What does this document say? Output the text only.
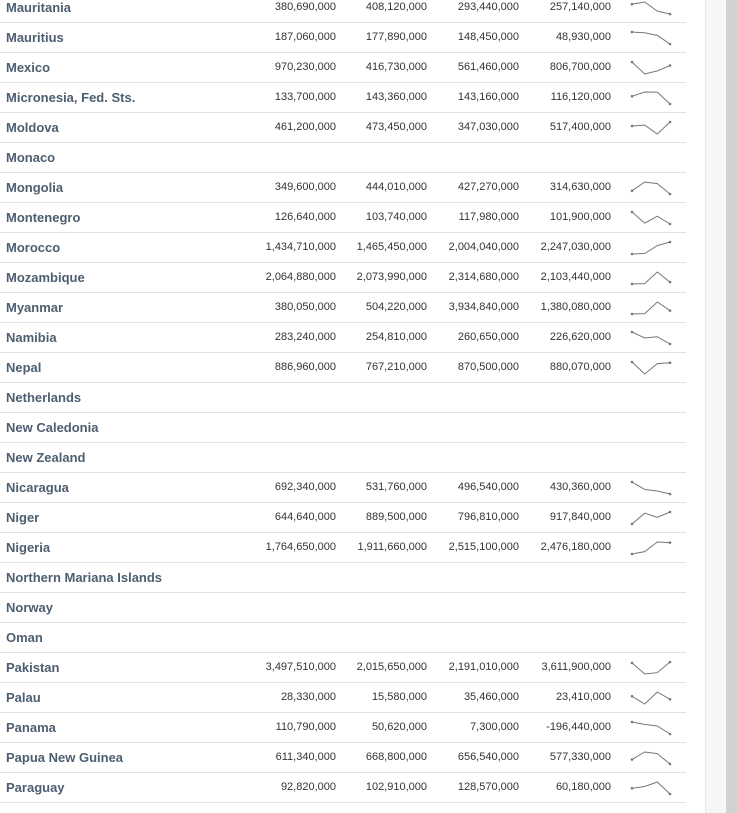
Mauritania	380,690,000	408,120,000	293,440,000	257,140,000
Mauritius	187,060,000	177,890,000	148,450,000	48,930,000
Mexico	970,230,000	416,730,000	561,460,000	806,700,000
Micronesia, Fed. Sts.	133,700,000	143,360,000	143,160,000	116,120,000
Moldova	461,200,000	473,450,000	347,030,000	517,400,000
Monaco
Mongolia	349,600,000	444,010,000	427,270,000	314,630,000
Montenegro	126,640,000	103,740,000	117,980,000	101,900,000
Morocco	1,434,710,000 1,465,450,000 2,004,040,000 2,247,030,000
Mozambique	2,064,880,000 2,073,990,000 2,314,680,000 2,103,440,000
Myanmar	380,050,000	504,220,000 3,934,840,000 1,380,080,000
Namibia	283,240,000	254,810,000	260,650,000	226,620,000
Nepal	886,960,000	767,210,000	870,500,000	880,070,000
Netherlands
New Caledonia
New Zealand
Nicaragua	692,340,000	531,760,000	496,540,000	430,360,000
Niger	644,640,000	889,500,000	796,810,000	917,840,000
Nigeria	1,764,650,000 1,911,660,000 2,515,100,000 2,476,180,000
Northern Mariana Islands
Norway
Oman
Pakistan	3,497,510,000 2,015,650,000 2,191,010,000 3,611,900,000
Palau	28,330,000	15,580,000	35,460,000	23,410,000
Panama	110,790,000	50,620,000	7,300,000 -196,440,000
Papua New Guinea	611,340,000	668,800,000	656,540,000	577,330,000
Paraguay	92,820,000	102,910,000	128,570,000	60,180,000
